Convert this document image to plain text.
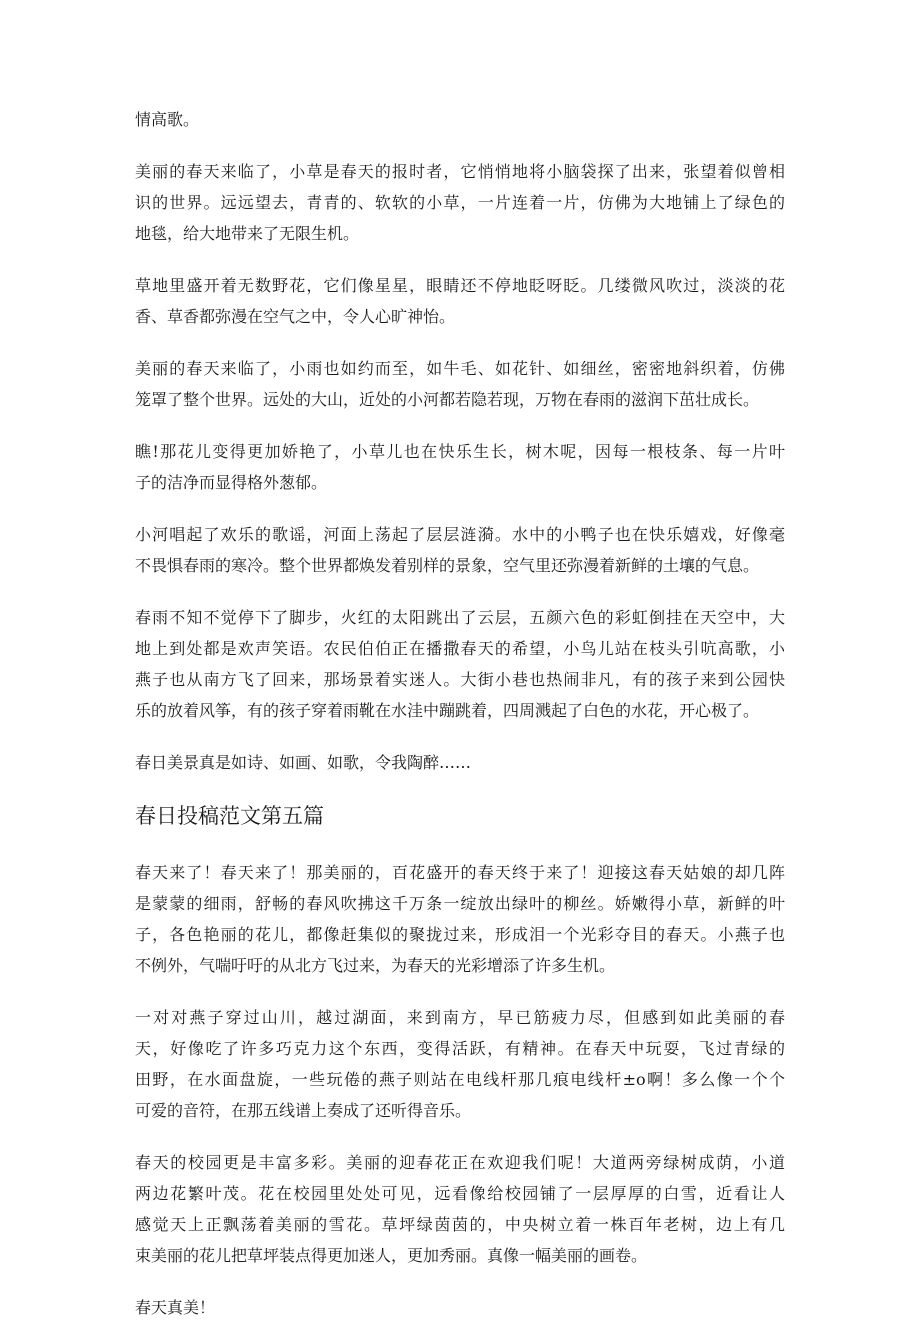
情高歌。

美丽的春天来临了，小草是春天的报时者，它悄悄地将小脑袋探了出来，张望着似曾相
识的世界。远远望去，青青的、软软的小草，一片连着一片，仿佛为大地铺上了绿色的
地毯，给大地带来了无限生机。

草地里盛开着无数野花，它们像星星，眼睛还不停地眨呀眨。几缕微风吹过，淡淡的花
香、草香都弥漫在空气之中，令人心旷神怡。

美丽的春天来临了，小雨也如约而至，如牛毛、如花针、如细丝，密密地斜织着，仿佛
笼罩了整个世界。远处的大山，近处的小河都若隐若现，万物在春雨的滋润下茁壮成长。

瞧!那花儿变得更加娇艳了，小草儿也在快乐生长，树木呢，因每一根枝条、每一片叶
子的洁净而显得格外葱郁。

小河唱起了欢乐的歌谣，河面上荡起了层层涟漪。水中的小鸭子也在快乐嬉戏，好像毫
不畏惧春雨的寒冷。整个世界都焕发着别样的景象，空气里还弥漫着新鲜的土壤的气息。

春雨不知不觉停下了脚步，火红的太阳跳出了云层，五颜六色的彩虹倒挂在天空中，大
地上到处都是欢声笑语。农民伯伯正在播撒春天的希望，小鸟儿站在枝头引吭高歌，小
燕子也从南方飞了回来，那场景着实迷人。大街小巷也热闹非凡，有的孩子来到公园快
乐的放着风筝，有的孩子穿着雨靴在水洼中蹦跳着，四周溅起了白色的水花，开心极了。

春日美景真是如诗、如画、如歌，令我陶醉……

春日投稿范文第五篇

春天来了！春天来了！那美丽的，百花盛开的春天终于来了！迎接这春天姑娘的却几阵
是蒙蒙的细雨，舒畅的春风吹拂这千万条一绽放出绿叶的柳丝。娇嫩得小草，新鲜的叶
子，各色艳丽的花儿，都像赶集似的聚拢过来，形成泪一个光彩夺目的春天。小燕子也
不例外，气喘吁吁的从北方飞过来，为春天的光彩增添了许多生机。

一对对燕子穿过山川，越过湖面，来到南方，早已筋疲力尽，但感到如此美丽的春
天，好像吃了许多巧克力这个东西，变得活跃，有精神。在春天中玩耍，飞过青绿的
田野，在水面盘旋，一些玩倦的燕子则站在电线杆那几痕电线杆±o啊！多么像一个个
可爱的音符，在那五线谱上奏成了还听得音乐。

春天的校园更是丰富多彩。美丽的迎春花正在欢迎我们呢！大道两旁绿树成荫，小道
两边花繁叶茂。花在校园里处处可见，远看像给校园铺了一层厚厚的白雪，近看让人
感觉天上正飘荡着美丽的雪花。草坪绿茵茵的，中央树立着一株百年老树，边上有几
束美丽的花儿把草坪装点得更加迷人，更加秀丽。真像一幅美丽的画卷。

春天真美！
